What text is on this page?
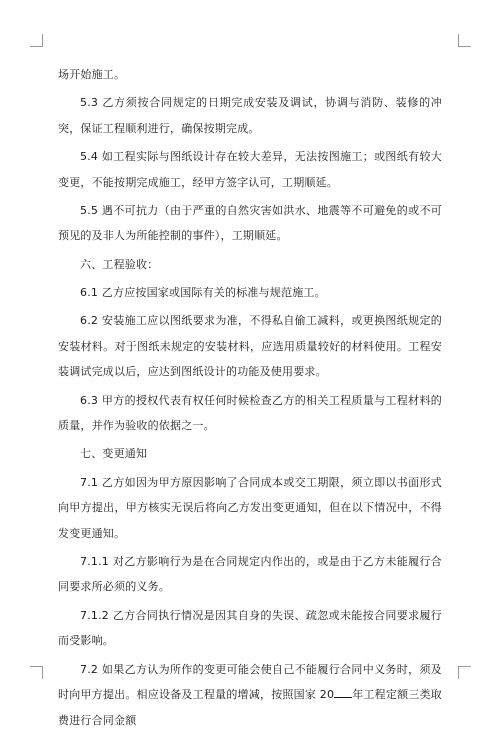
场开始施工。

5.3 乙方须按合同规定的日期完成安装及调试，协调与消防、装修的冲突，保证工程顺利进行，确保按期完成。

5.4 如工程实际与图纸设计存在较大差异，无法按图施工；或图纸有较大变更，不能按期完成施工，经甲方签字认可，工期顺延。

5.5 遇不可抗力（由于严重的自然灾害如洪水、地震等不可避免的或不可预见的及非人为所能控制的事件），工期顺延。

六、工程验收：

6.1 乙方应按国家或国际有关的标准与规范施工。

6.2 安装施工应以图纸要求为准，不得私自偷工减料，或更换图纸规定的安装材料。对于图纸未规定的安装材料，应选用质量较好的材料使用。工程安装调试完成以后，应达到图纸设计的功能及使用要求。

6.3 甲方的授权代表有权任何时候检查乙方的相关工程质量与工程材料的质量，并作为验收的依据之一。

七、变更通知

7.1 乙方如因为甲方原因影响了合同成本或交工期限，须立即以书面形式向甲方提出，甲方核实无误后将向乙方发出变更通知，但在以下情况中，不得发变更通知。

7.1.1 对乙方影响行为是在合同规定内作出的，或是由于乙方未能履行合同要求所必须的义务。

7.1.2 乙方合同执行情况是因其自身的失误、疏忽或未能按合同要求履行而受影响。

7.2 如果乙方认为所作的变更可能会使自己不能履行合同中义务时，须及时向甲方提出。相应设备及工程量的增减，按照国家 20 年工程定额三类取费进行合同金额
